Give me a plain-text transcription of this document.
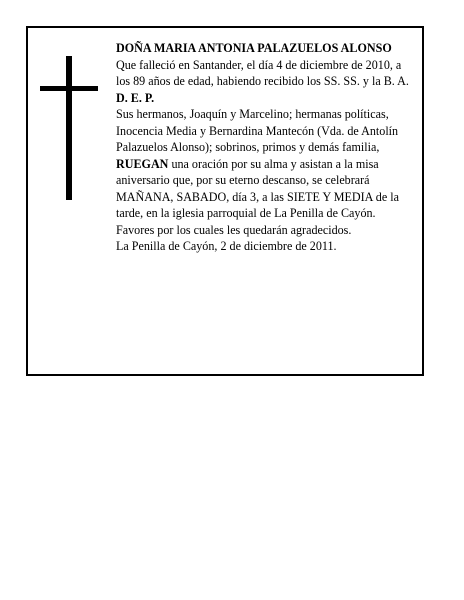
DOÑA MARIA ANTONIA PALAZUELOS ALONSO

Que falleció en Santander, el día 4 de diciembre de 2010, a los 89 años de edad, habiendo recibido los SS. SS. y la B. A.

D. E. P.

Sus hermanos, Joaquín y Marcelino; hermanas políticas, Inocencia Media y Bernardina Mantecón (Vda. de Antolín Palazuelos Alonso); sobrinos, primos y demás familia,

RUEGAN una oración por su alma y asistan a la misa aniversario que, por su eterno descanso, se celebrará MAÑANA, SABADO, día 3, a las SIETE Y MEDIA de la tarde, en la iglesia parroquial de La Penilla de Cayón. Favores por los cuales les quedarán agradecidos.

La Penilla de Cayón, 2 de diciembre de 2011.
